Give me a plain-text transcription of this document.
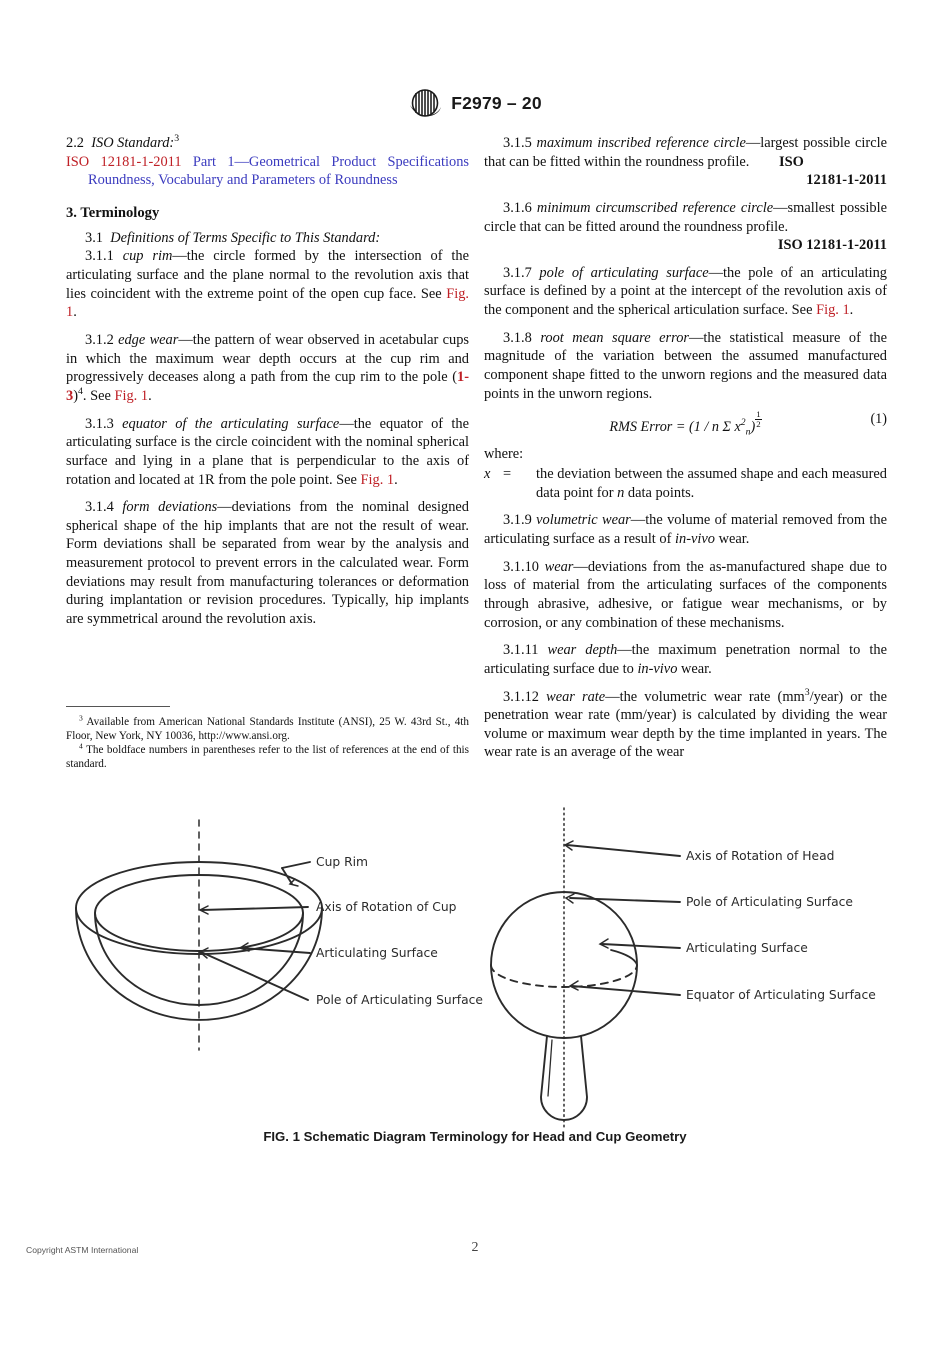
F2979 – 20

2.2 ISO Standard:$^3$

ISO 12181-1-2011 Part 1—Geometrical Product Specifications Roundness, Vocabulary and Parameters of Roundness

3. Terminology

3.1 Definitions of Terms Specific to This Standard:

3.1.1 cup rim—the circle formed by the intersection of the articulating surface and the plane normal to the revolution axis that lies coincident with the extreme point of the open cup face. See Fig. 1.

3.1.2 edge wear—the pattern of wear observed in acetabular cups in which the maximum wear depth occurs at the cup rim and progressively deceases along a path from the cup rim to the pole $(1-3)^4$. See Fig. 1.

3.1.3 equator of the articulating surface—the equator of the articulating surface is the circle coincident with the nominal spherical surface and lying in a plane that is perpendicular to the axis of rotation and located at 1R from the pole point. See Fig. 1.

3.1.4 form deviations—deviations from the nominal designed spherical shape of the hip implants that are not the result of wear. Form deviations shall be separated from wear by the analysis and measurement protocol to prevent errors in the calculated wear. Form deviations may result from manufacturing tolerances or deformation during implantation or revision procedures. Typically, hip implants are symmetrical around the revolution axis.

$^3$ Available from American National Standards Institute (ANSI), 25 W. 43rd St., 4th Floor, New York, NY 10036, http://www.ansi.org.

$^4$ The boldface numbers in parentheses refer to the list of references at the end of this standard.

3.1.5 maximum inscribed reference circle—largest possible circle that can be fitted within the roundness profile. ISO

12181-1-2011

3.1.6 minimum circumscribed reference circle—smallest possible circle that can be fitted around the roundness profile.

ISO 12181-1-2011

3.1.7 pole of articulating surface—the pole of an articulating surface is defined by a point at the intercept of the revolution axis of the component and the spherical articulation surface. See Fig. 1.

3.1.8 root mean square error—the statistical measure of the magnitude of the variation between the assumed manufactured component shape fitted to the unworn regions and the measured data points in the unworn regions.

RMS Error = (1 / n Σ $x^2_n) \frac{1}{2}$	(1)

where:

x = the deviation between the assumed shape and each measured data point for n data points.

3.1.9 volumetric wear—the volume of material removed from the articulating surface as a result of in-vivo wear.

3.1.10 wear—deviations from the as-manufactured shape due to loss of material from the articulating surfaces of the components through abrasive, adhesive, or fatigue wear mechanisms, or by corrosion, or any combination of these mechanisms.

3.1.11 wear depth—the maximum penetration normal to the articulating surface due to in-vivo wear.

3.1.12 wear rate—the volumetric wear rate $(mm^3/year)$ or the penetration wear rate (mm/year) is calculated by dividing the wear volume or maximum wear depth by the time implanted in years. The wear rate is an average of the wear

Cup Rim
Axis of Rotation of Cup
Articulating Surface
Pole of Articulating Surface
Axis of Rotation of Head
Pole of Articulating Surface
Articulating Surface
Equator of Articulating Surface
FIG. 1 Schematic Diagram Terminology for Head and Cup Geometry
Copyright ASTM International	2
